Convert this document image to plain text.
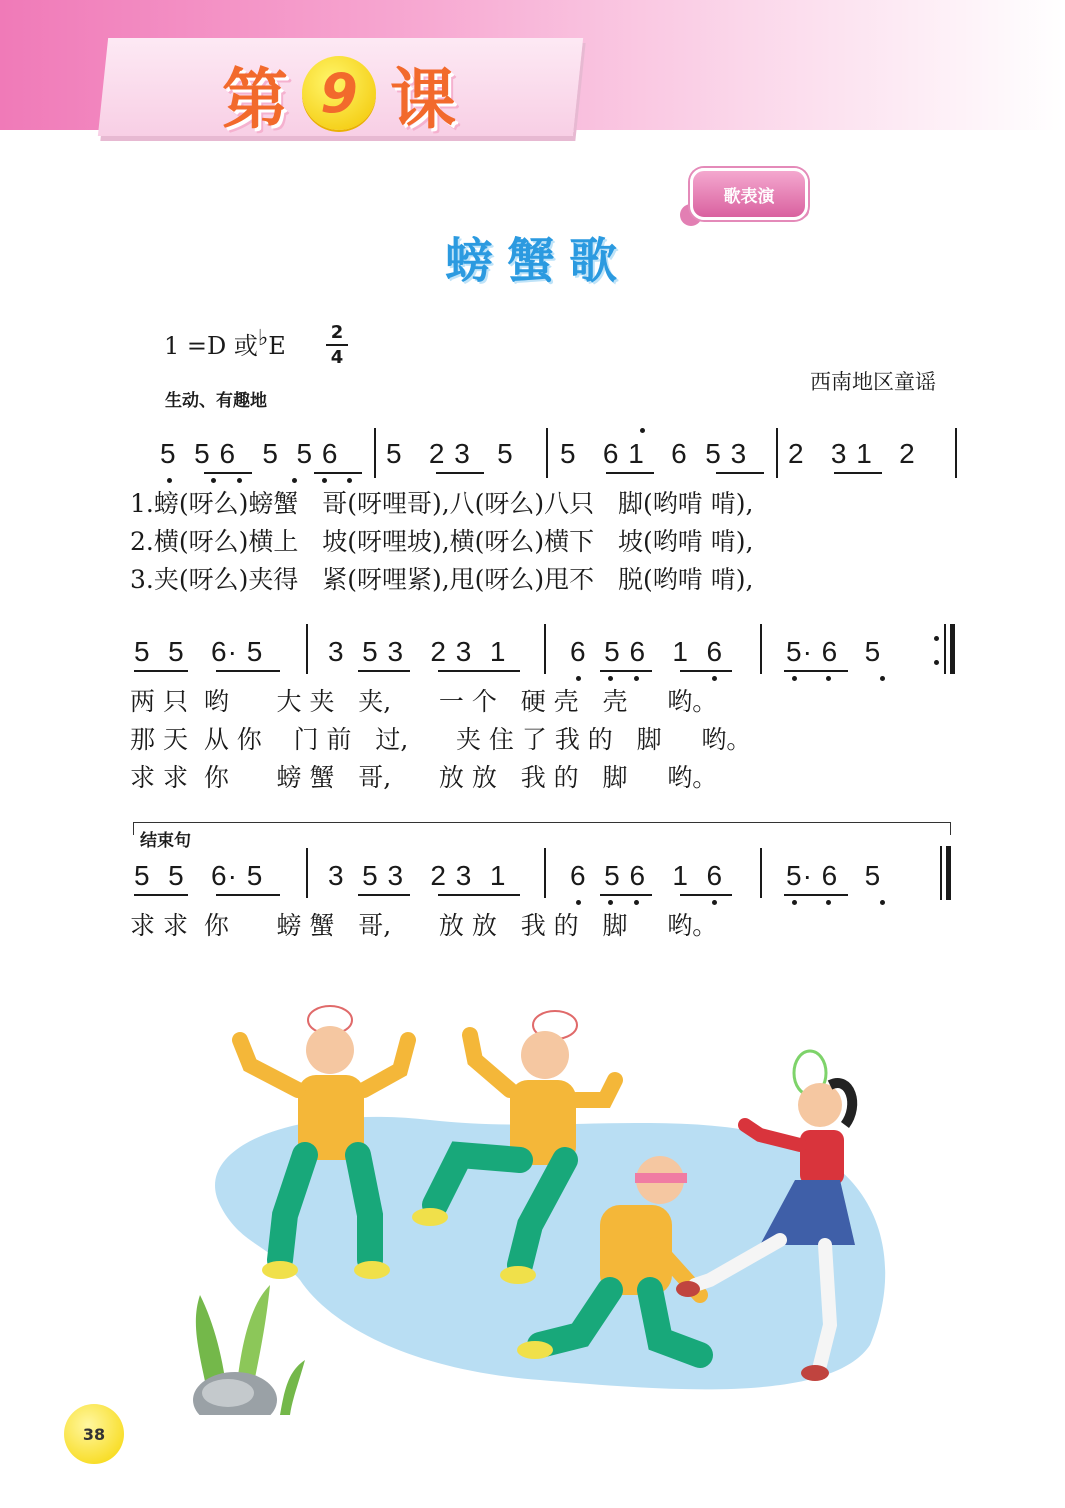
第 9 课
歌表演
螃蟹歌
1 =D 或♭E 2
4
生动、有趣地
西南地区童谣
5  5 6   5  5 6 5   2 3   5 5   6 1   6  5 3 2   3 1   2
1.螃(呀么)螃蟹   哥(呀哩哥),八(呀么)八只   脚(哟啃 啃),
2.横(呀么)横上   坡(呀哩坡),横(呀么)横下   坡(哟啃 啃),
3.夹(呀么)夹得   紧(呀哩紧),甩(呀么)甩不   脱(哟啃 啃),
5  5   6· 5 3  5 3   2 3  1 6  5 6   1  6 5· 6   5
两 只  哟      大 夹   夹,      一 个   硬 壳   壳     哟。
那 天  从 你    门 前   过,      夹 住 了 我 的   脚     哟。
求 求  你      螃 蟹   哥,      放 放   我 的   脚     哟。
结束句
5  5   6· 5 3  5 3   2 3  1 6  5 6   1  6 5· 6   5
求 求  你      螃 蟹   哥,      放 放   我 的   脚     哟。
38
